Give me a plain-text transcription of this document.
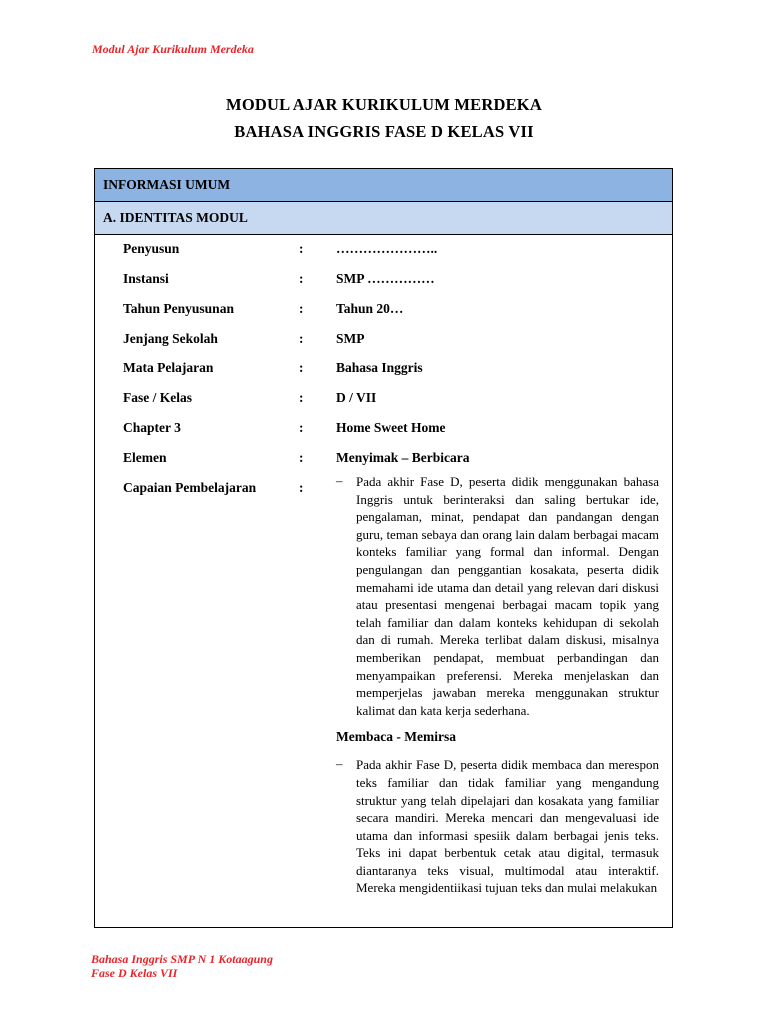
Modul Ajar Kurikulum Merdeka
MODUL AJAR KURIKULUM MERDEKA
BAHASA INGGRIS FASE D KELAS VII
INFORMASI UMUM
A. IDENTITAS MODUL
Penyusun	: …………………..
Instansi	: SMP ……………
Tahun Penyusunan	: Tahun 20…
Jenjang Sekolah	: SMP
Mata Pelajaran	: Bahasa Inggris
Fase / Kelas	: D / VII
Chapter 3	: Home Sweet Home
Elemen	: Menyimak – Berbicara
Capaian Pembelajaran	:	– Pada akhir Fase D, peserta didik menggunakan bahasa Inggris untuk berinteraksi dan saling bertukar ide, pengalaman, minat, pendapat dan pandangan dengan guru, teman sebaya dan orang lain dalam berbagai macam konteks familiar yang formal dan informal. Dengan pengulangan dan penggantian kosakata, peserta didik memahami ide utama dan detail yang relevan dari diskusi atau presentasi mengenai berbagai macam topik yang telah familiar dan dalam konteks kehidupan di sekolah dan di rumah. Mereka terlibat dalam diskusi, misalnya memberikan pendapat, membuat perbandingan dan menyampaikan preferensi. Mereka menjelaskan dan memperjelas jawaban mereka menggunakan struktur kalimat dan kata kerja sederhana.
Membaca - Memirsa
– Pada akhir Fase D, peserta didik membaca dan merespon teks familiar dan tidak familiar yang mengandung struktur yang telah dipelajari dan kosakata yang familiar secara mandiri. Mereka mencari dan mengevaluasi ide utama dan informasi spesiik dalam berbagai jenis teks. Teks ini dapat berbentuk cetak atau digital, termasuk diantaranya teks visual, multimodal atau interaktif. Mereka mengidentiikasi tujuan teks dan mulai melakukan
Bahasa Inggris SMP N 1 Kotaagung
Fase D Kelas VII
